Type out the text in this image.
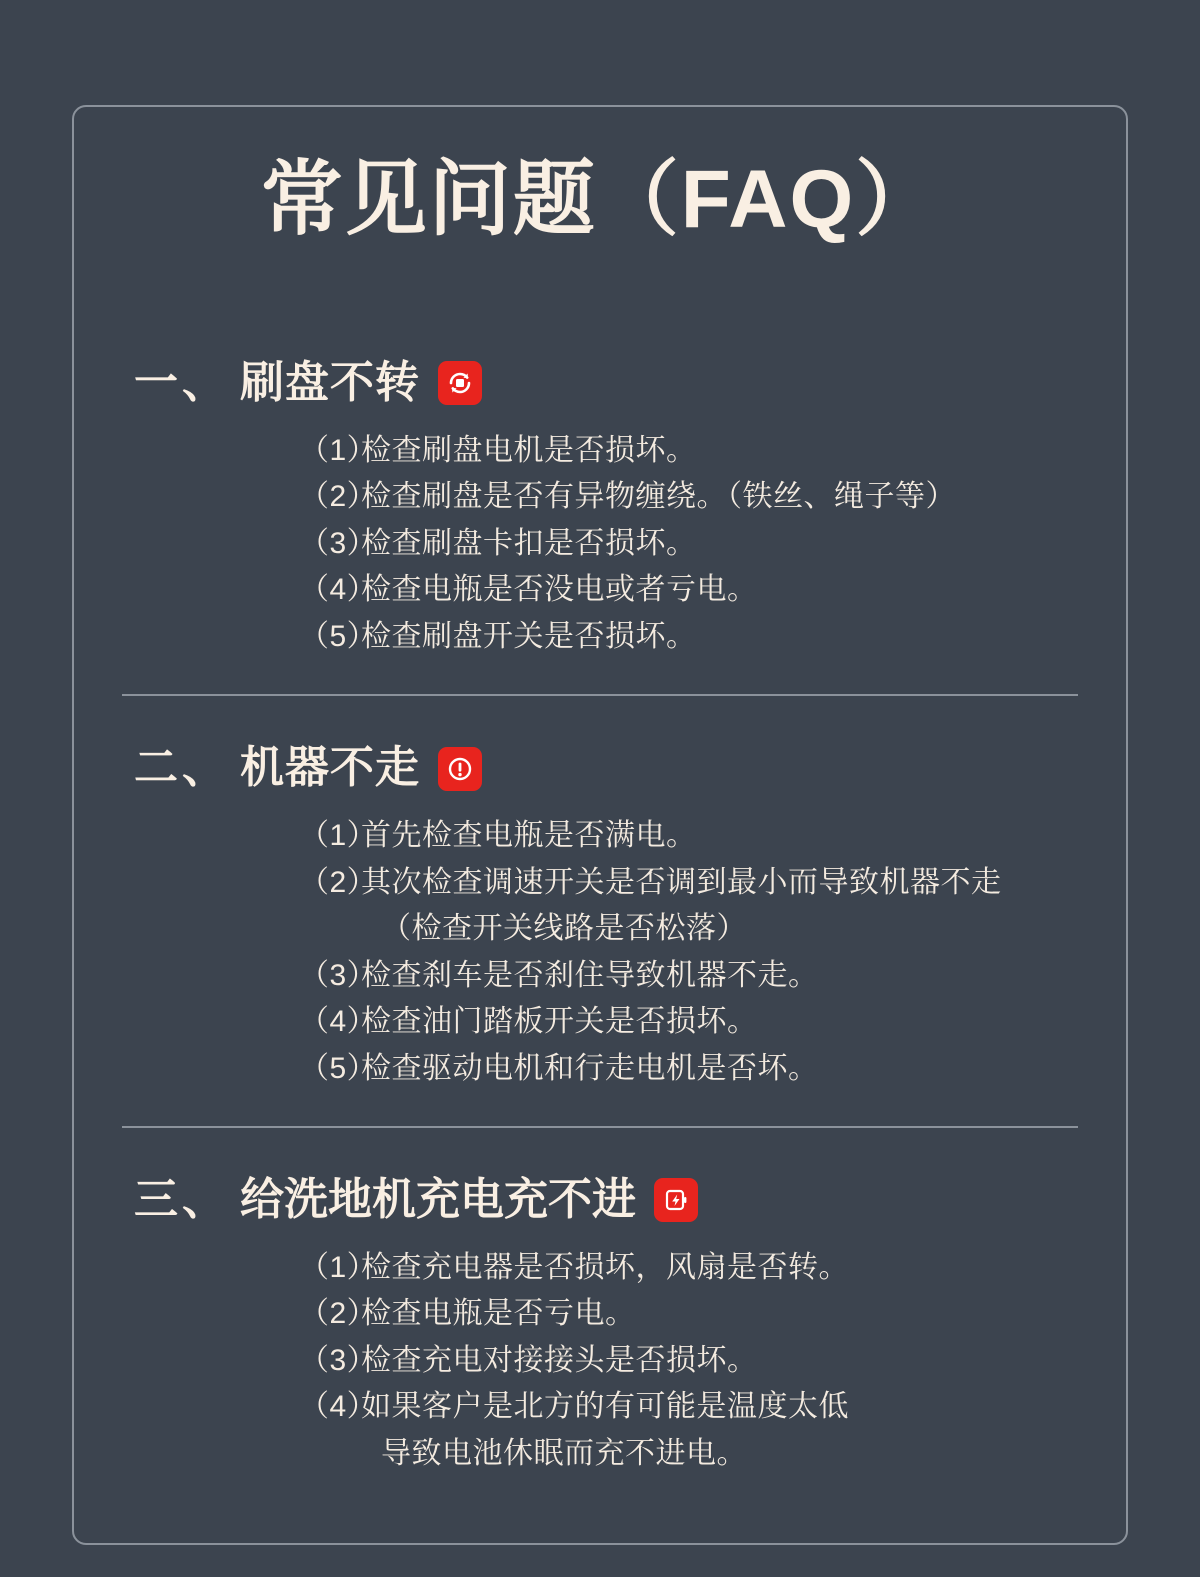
常见问题（FAQ）
一、 刷盘不转
（1）
检查刷盘电机是否损坏。
（2）
检查刷盘是否有异物缠绕。（铁丝、绳子等）
（3）
检查刷盘卡扣是否损坏。
（4）
检查电瓶是否没电或者亏电。
（5）
检查刷盘开关是否损坏。
二、 机器不走
（1）
首先检查电瓶是否满电。
（2）
其次检查调速开关是否调到最小而导致机器不走
（检查开关线路是否松落）
（3）
检查刹车是否刹住导致机器不走。
（4）
检查油门踏板开关是否损坏。
（5）
检查驱动电机和行走电机是否坏。
三、 给洗地机充电充不进
（1）
检查充电器是否损坏，风扇是否转。
（2）
检查电瓶是否亏电。
（3）
检查充电对接接头是否损坏。
（4）
如果客户是北方的有可能是温度太低
导致电池休眠而充不进电。
